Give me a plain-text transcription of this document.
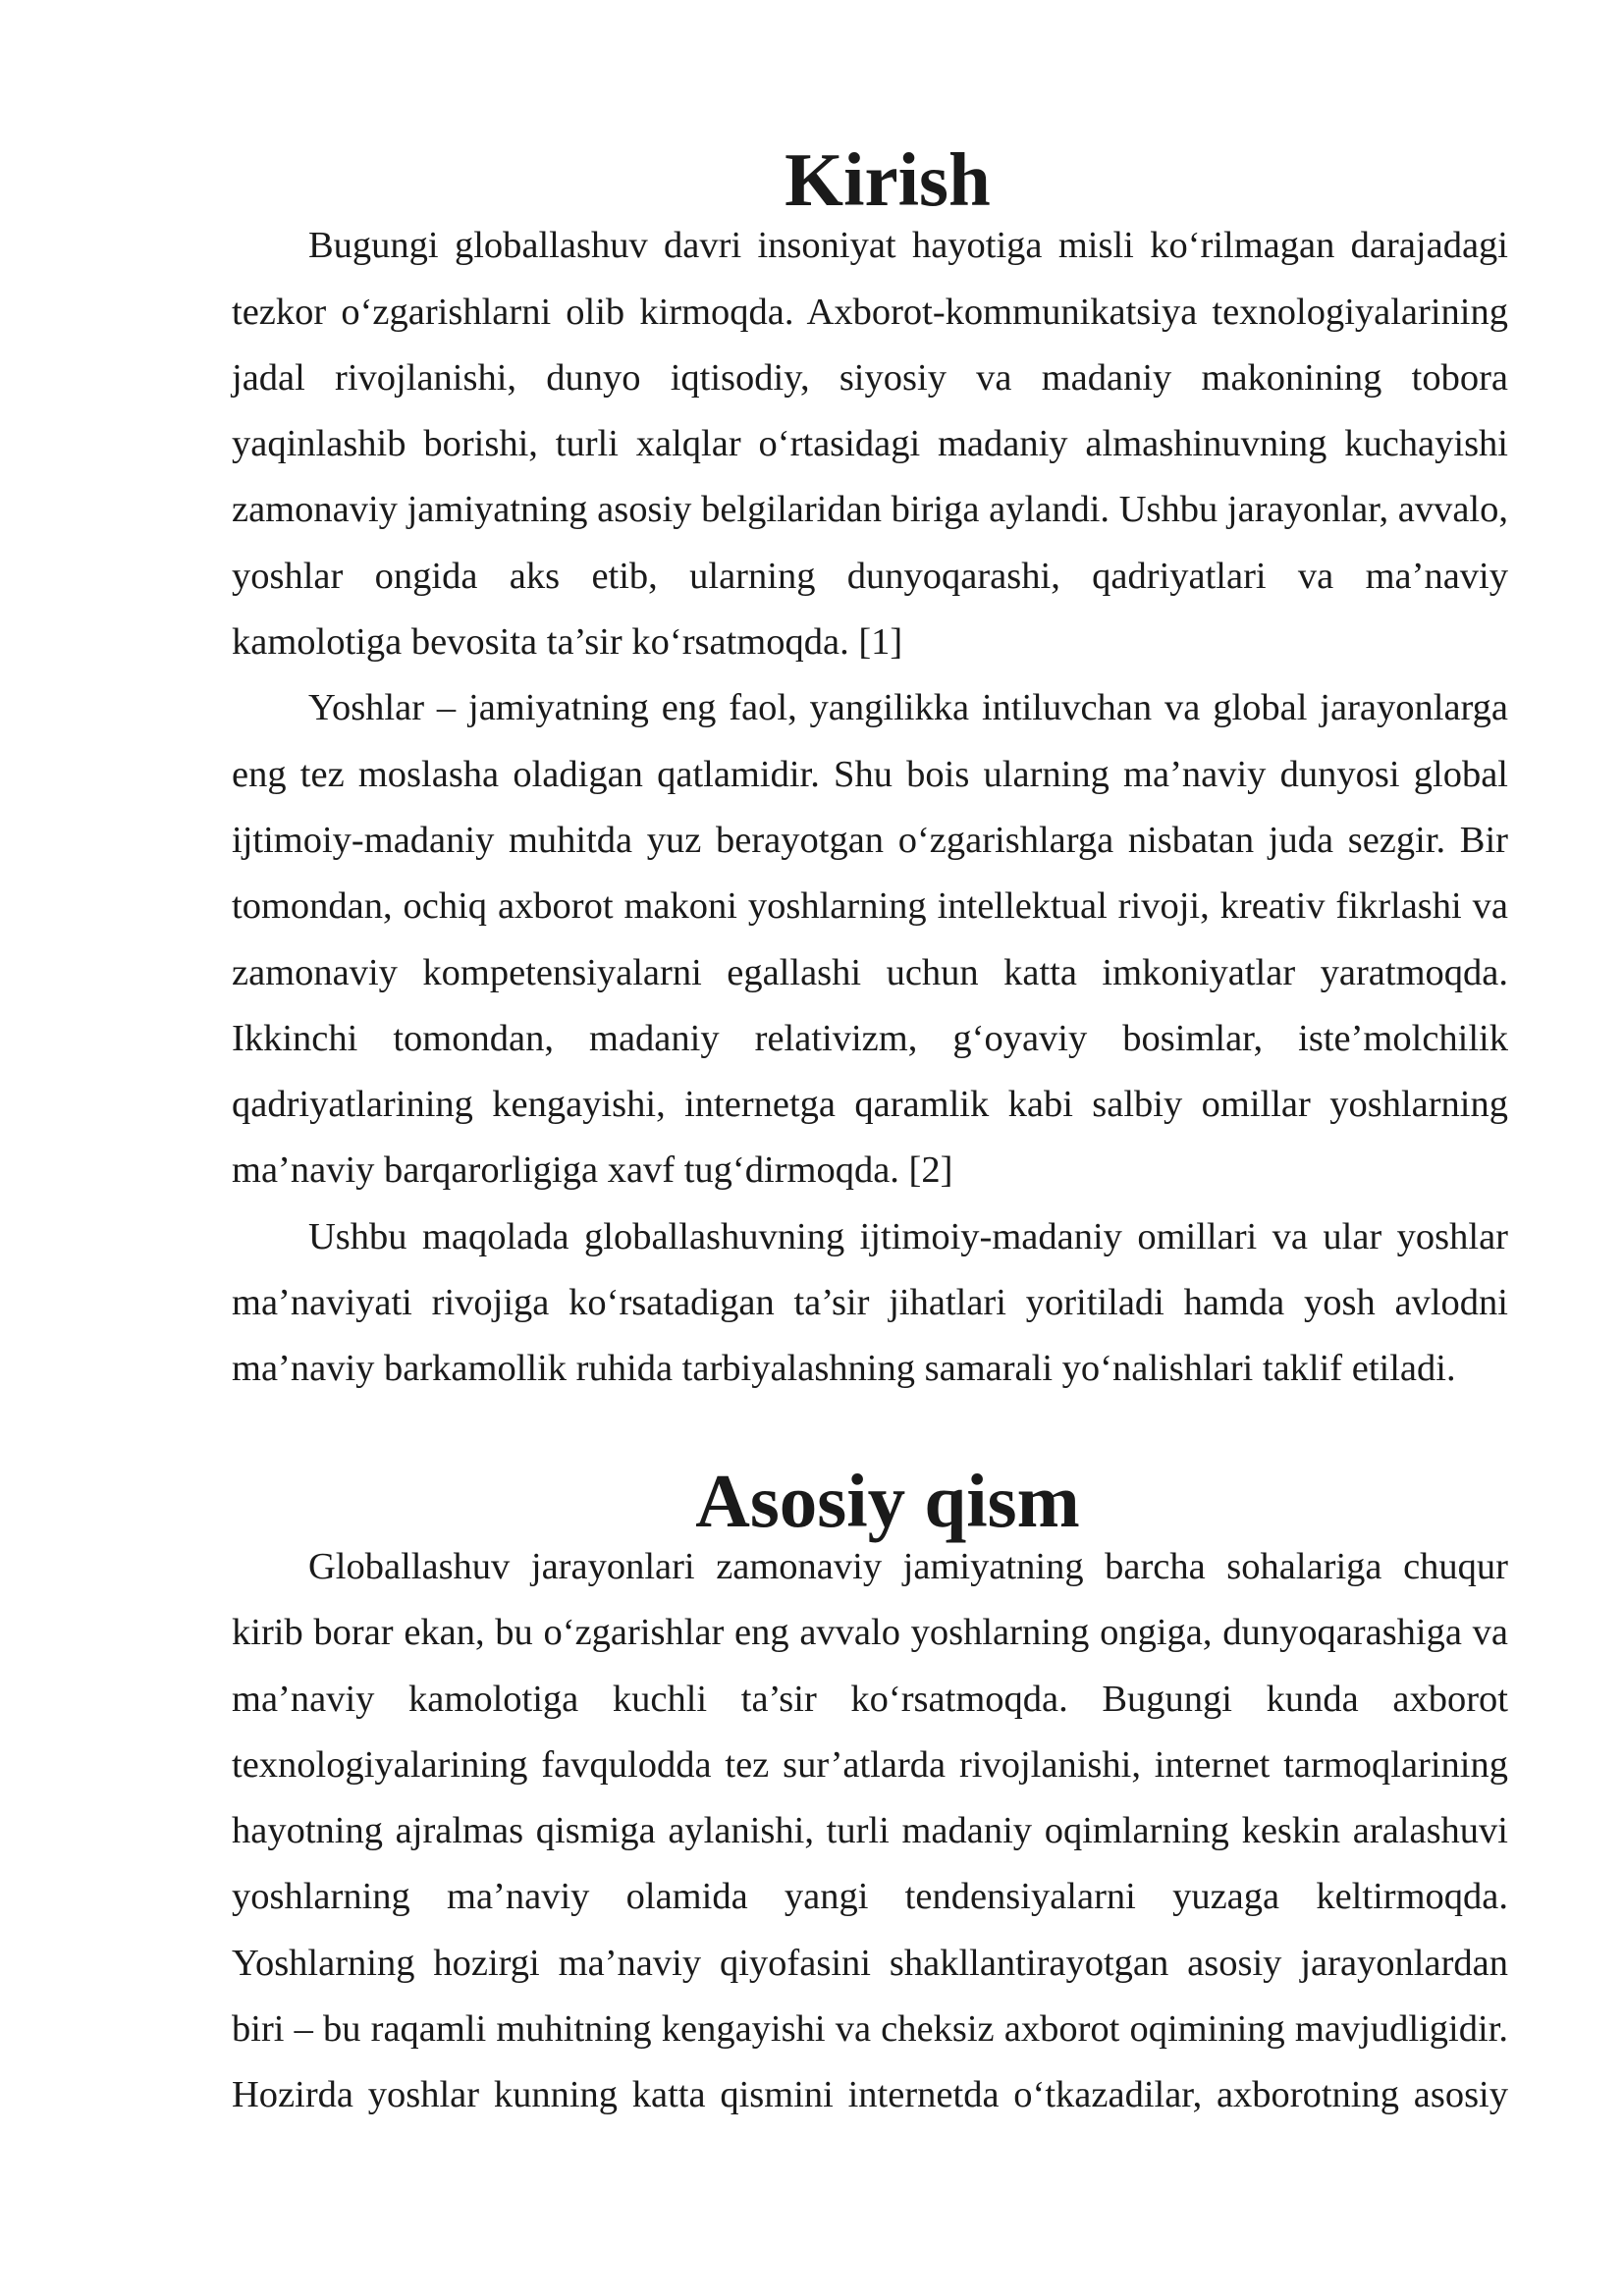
Kirish

Bugungi globallashuv davri insoniyat hayotiga misli ko‘rilmagan darajadagi tezkor o‘zgarishlarni olib kirmoqda. Axborot-kommunikatsiya texnologiyalarining jadal rivojlanishi, dunyo iqtisodiy, siyosiy va madaniy makonining tobora yaqinlashib borishi, turli xalqlar o‘rtasidagi madaniy almashinuvning kuchayishi zamonaviy jamiyatning asosiy belgilaridan biriga aylandi. Ushbu jarayonlar, avvalo, yoshlar ongida aks etib, ularning dunyoqarashi, qadriyatlari va ma’naviy kamolotiga bevosita ta’sir ko‘rsatmoqda. [1]

Yoshlar – jamiyatning eng faol, yangilikka intiluvchan va global jarayonlarga eng tez moslasha oladigan qatlamidir. Shu bois ularning ma’naviy dunyosi global ijtimoiy-madaniy muhitda yuz berayotgan o‘zgarishlarga nisbatan juda sezgir. Bir tomondan, ochiq axborot makoni yoshlarning intellektual rivoji, kreativ fikrlashi va zamonaviy kompetensiyalarni egallashi uchun katta imkoniyatlar yaratmoqda. Ikkinchi tomondan, madaniy relativizm, g‘oyaviy bosimlar, iste’molchilik qadriyatlarining kengayishi, internetga qaramlik kabi salbiy omillar yoshlarning ma’naviy barqarorligiga xavf tug‘dirmoqda. [2]

Ushbu maqolada globallashuvning ijtimoiy-madaniy omillari va ular yoshlar ma’naviyati rivojiga ko‘rsatadigan ta’sir jihatlari yoritiladi hamda yosh avlodni ma’naviy barkamollik ruhida tarbiyalashning samarali yo‘nalishlari taklif etiladi.

Asosiy qism

Globallashuv jarayonlari zamonaviy jamiyatning barcha sohalariga chuqur kirib borar ekan, bu o‘zgarishlar eng avvalo yoshlarning ongiga, dunyoqarashiga va ma’naviy kamolotiga kuchli ta’sir ko‘rsatmoqda. Bugungi kunda axborot texnologiyalarining favqulodda tez sur’atlarda rivojlanishi, internet tarmoqlarining hayotning ajralmas qismiga aylanishi, turli madaniy oqimlarning keskin aralashuvi yoshlarning ma’naviy olamida yangi tendensiyalarni yuzaga keltirmoqda. Yoshlarning hozirgi ma’naviy qiyofasini shakllantirayotgan asosiy jarayonlardan biri – bu raqamli muhitning kengayishi va cheksiz axborot oqimining mavjudligidir. Hozirda yoshlar kunning katta qismini internetda o‘tkazadilar, axborotning asosiy
